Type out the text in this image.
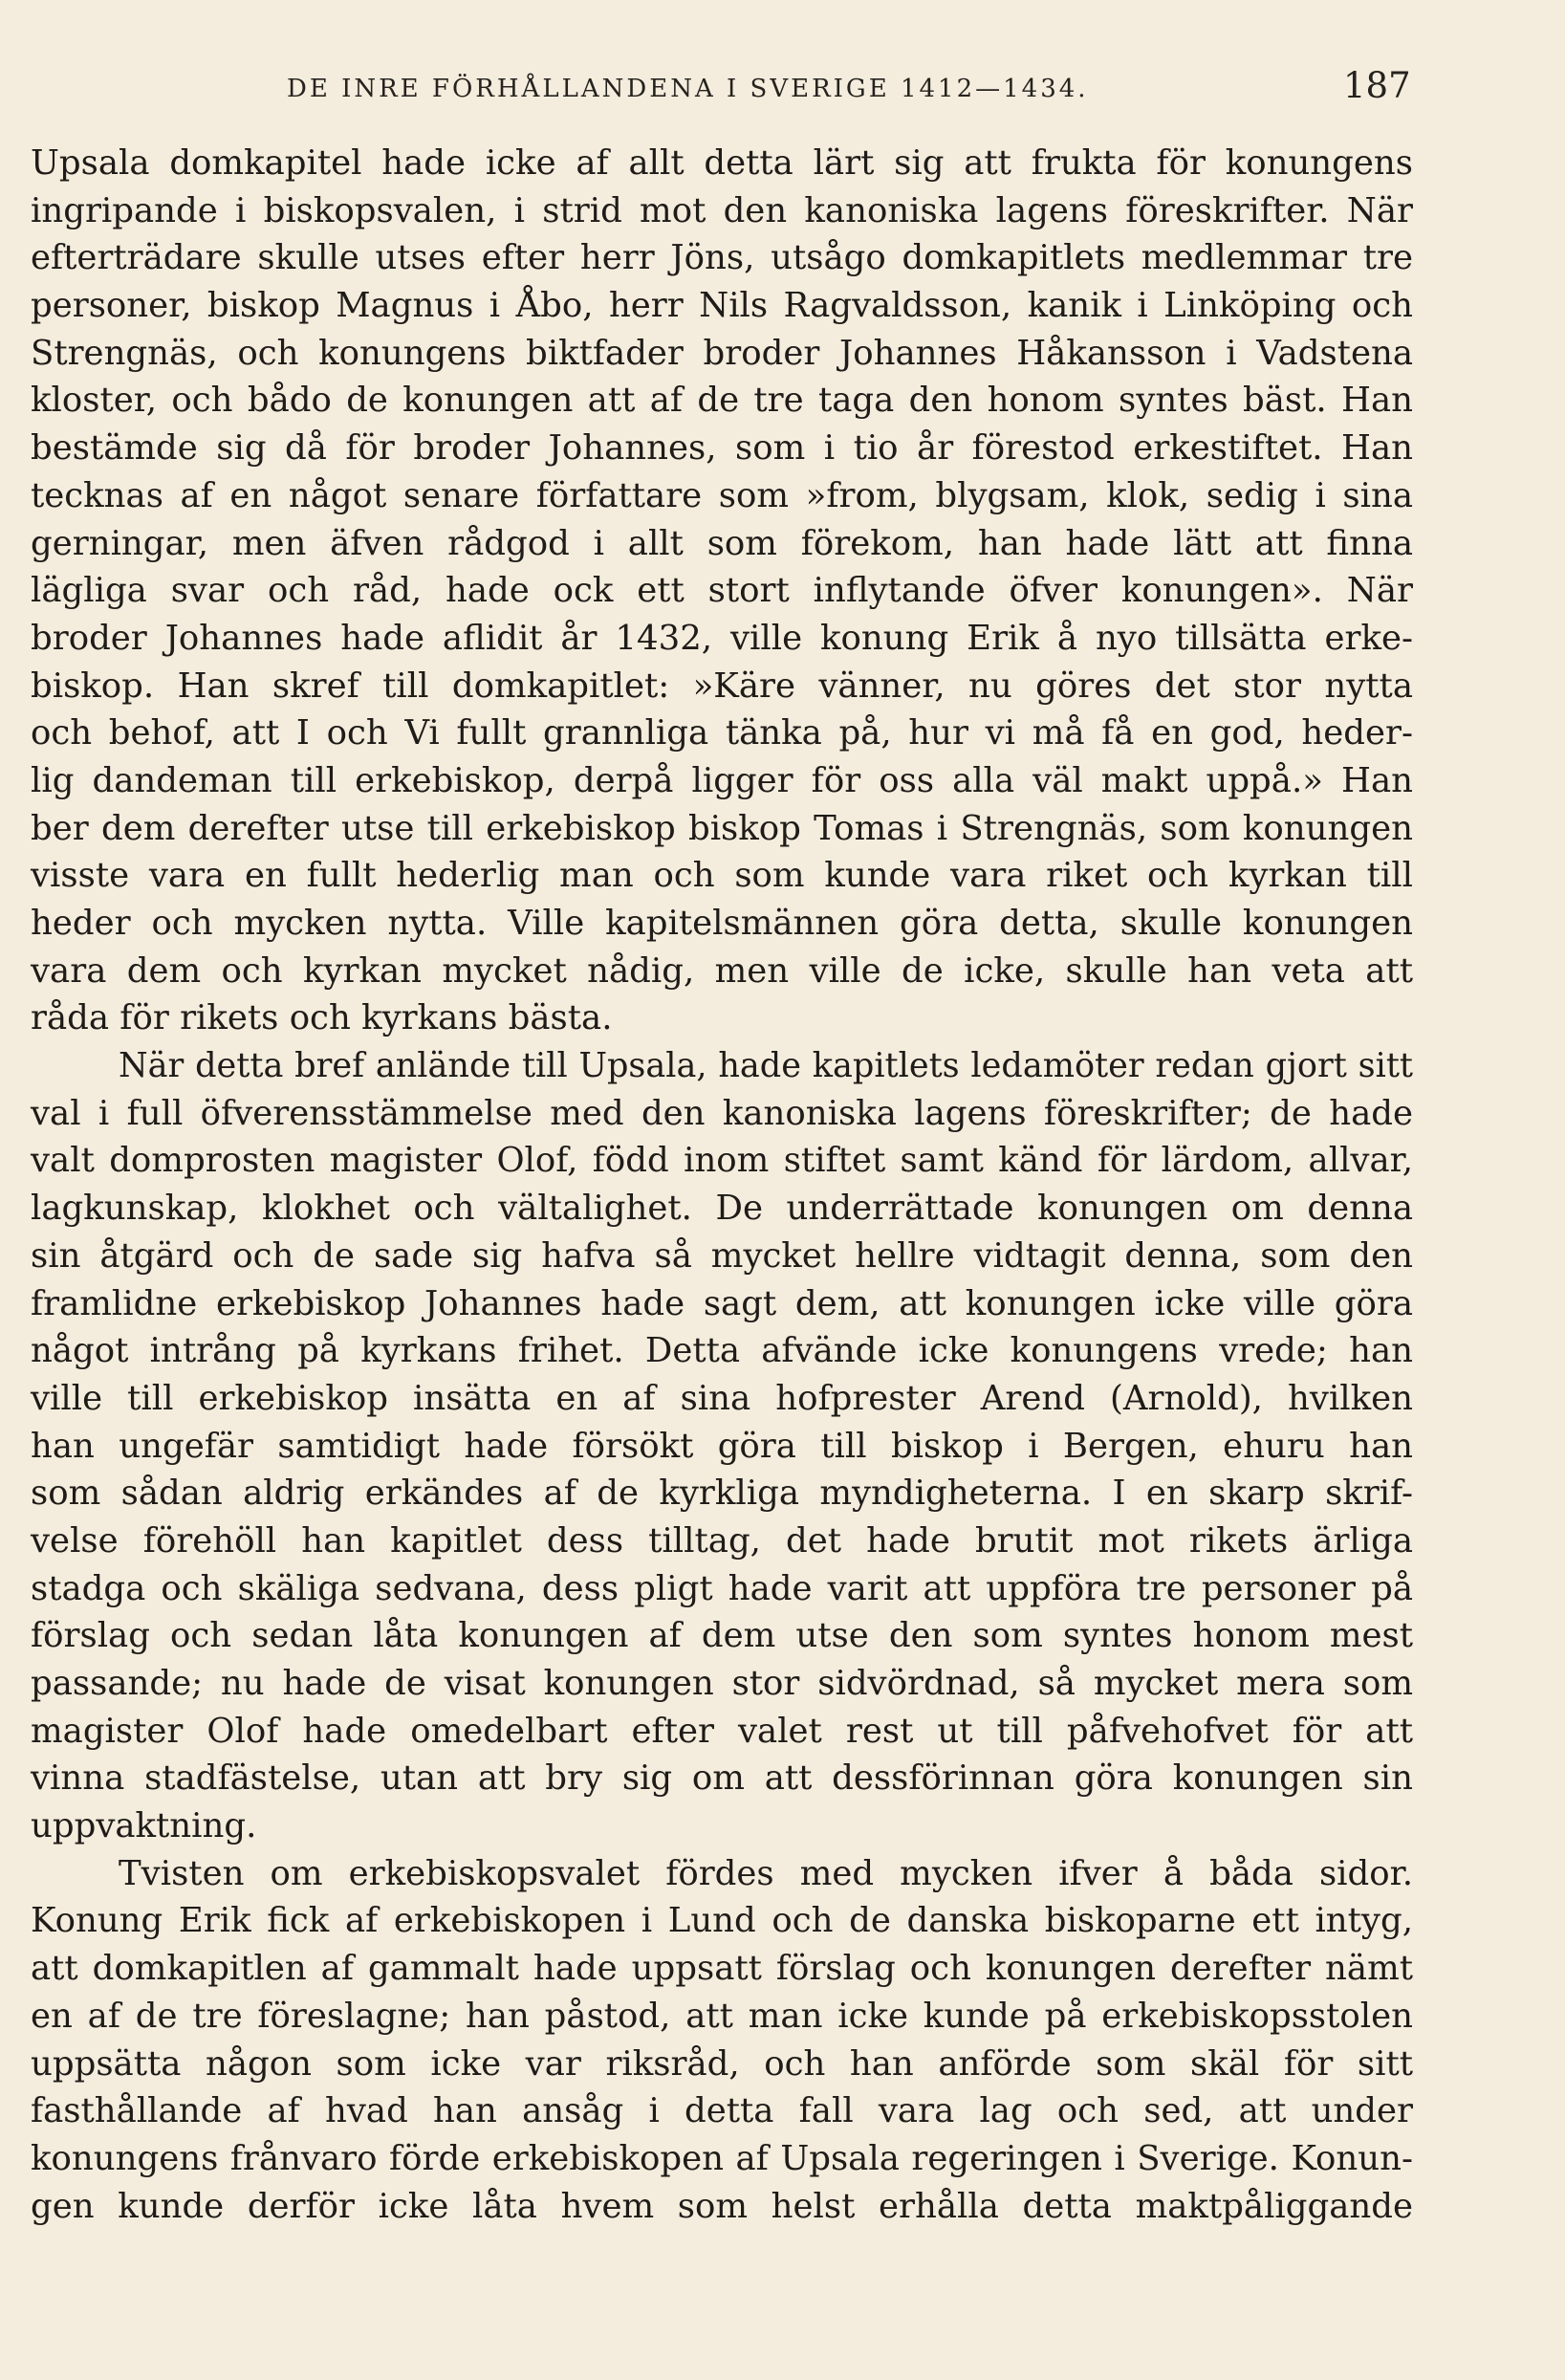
DE INRE FÖRHÅLLANDENA I SVERIGE 1412—1434.	187
Upsala domkapitel hade icke af allt detta lärt sig att frukta för konungens
ingripande i biskopsvalen, i strid mot den kanoniska lagens föreskrifter. När
efterträdare skulle utses efter herr Jöns, utsågo domkapitlets medlemmar tre
personer, biskop Magnus i Åbo, herr Nils Ragvaldsson, kanik i Linköping och
Strengnäs, och konungens biktfader broder Johannes Håkansson i Vadstena
kloster, och bådo de konungen att af de tre taga den honom syntes bäst. Han
bestämde sig då för broder Johannes, som i tio år förestod erkestiftet. Han
tecknas af en något senare författare som »from, blygsam, klok, sedig i sina
gerningar, men äfven rådgod i allt som förekom, han hade lätt att finna
lägliga svar och råd, hade ock ett stort inflytande öfver konungen». När
broder Johannes hade aflidit år 1432, ville konung Erik å nyo tillsätta erke-
biskop. Han skref till domkapitlet: »Käre vänner, nu göres det stor nytta
och behof, att I och Vi fullt grannliga tänka på, hur vi må få en god, heder-
lig dandeman till erkebiskop, derpå ligger för oss alla väl makt uppå.» Han
ber dem derefter utse till erkebiskop biskop Tomas i Strengnäs, som konungen
visste vara en fullt hederlig man och som kunde vara riket och kyrkan till
heder och mycken nytta. Ville kapitelsmännen göra detta, skulle konungen
vara dem och kyrkan mycket nådig, men ville de icke, skulle han veta att
råda för rikets och kyrkans bästa.
När detta bref anlände till Upsala, hade kapitlets ledamöter redan gjort sitt
val i full öfverensstämmelse med den kanoniska lagens föreskrifter; de hade
valt domprosten magister Olof, född inom stiftet samt känd för lärdom, allvar,
lagkunskap, klokhet och vältalighet. De underrättade konungen om denna
sin åtgärd och de sade sig hafva så mycket hellre vidtagit denna, som den
framlidne erkebiskop Johannes hade sagt dem, att konungen icke ville göra
något intrång på kyrkans frihet. Detta afvände icke konungens vrede; han
ville till erkebiskop insätta en af sina hofprester Arend (Arnold), hvilken
han ungefär samtidigt hade försökt göra till biskop i Bergen, ehuru han
som sådan aldrig erkändes af de kyrkliga myndigheterna. I en skarp skrif-
velse förehöll han kapitlet dess tilltag, det hade brutit mot rikets ärliga
stadga och skäliga sedvana, dess pligt hade varit att uppföra tre personer på
förslag och sedan låta konungen af dem utse den som syntes honom mest
passande; nu hade de visat konungen stor sidvördnad, så mycket mera som
magister Olof hade omedelbart efter valet rest ut till påfvehofvet för att
vinna stadfästelse, utan att bry sig om att dessförinnan göra konungen sin
uppvaktning.
Tvisten om erkebiskopsvalet fördes med mycken ifver å båda sidor.
Konung Erik fick af erkebiskopen i Lund och de danska biskoparne ett intyg,
att domkapitlen af gammalt hade uppsatt förslag och konungen derefter nämt
en af de tre föreslagne; han påstod, att man icke kunde på erkebiskopsstolen
uppsätta någon som icke var riksråd, och han anförde som skäl för sitt
fasthållande af hvad han ansåg i detta fall vara lag och sed, att under
konungens frånvaro förde erkebiskopen af Upsala regeringen i Sverige. Konun-
gen kunde derför icke låta hvem som helst erhålla detta maktpåliggande
